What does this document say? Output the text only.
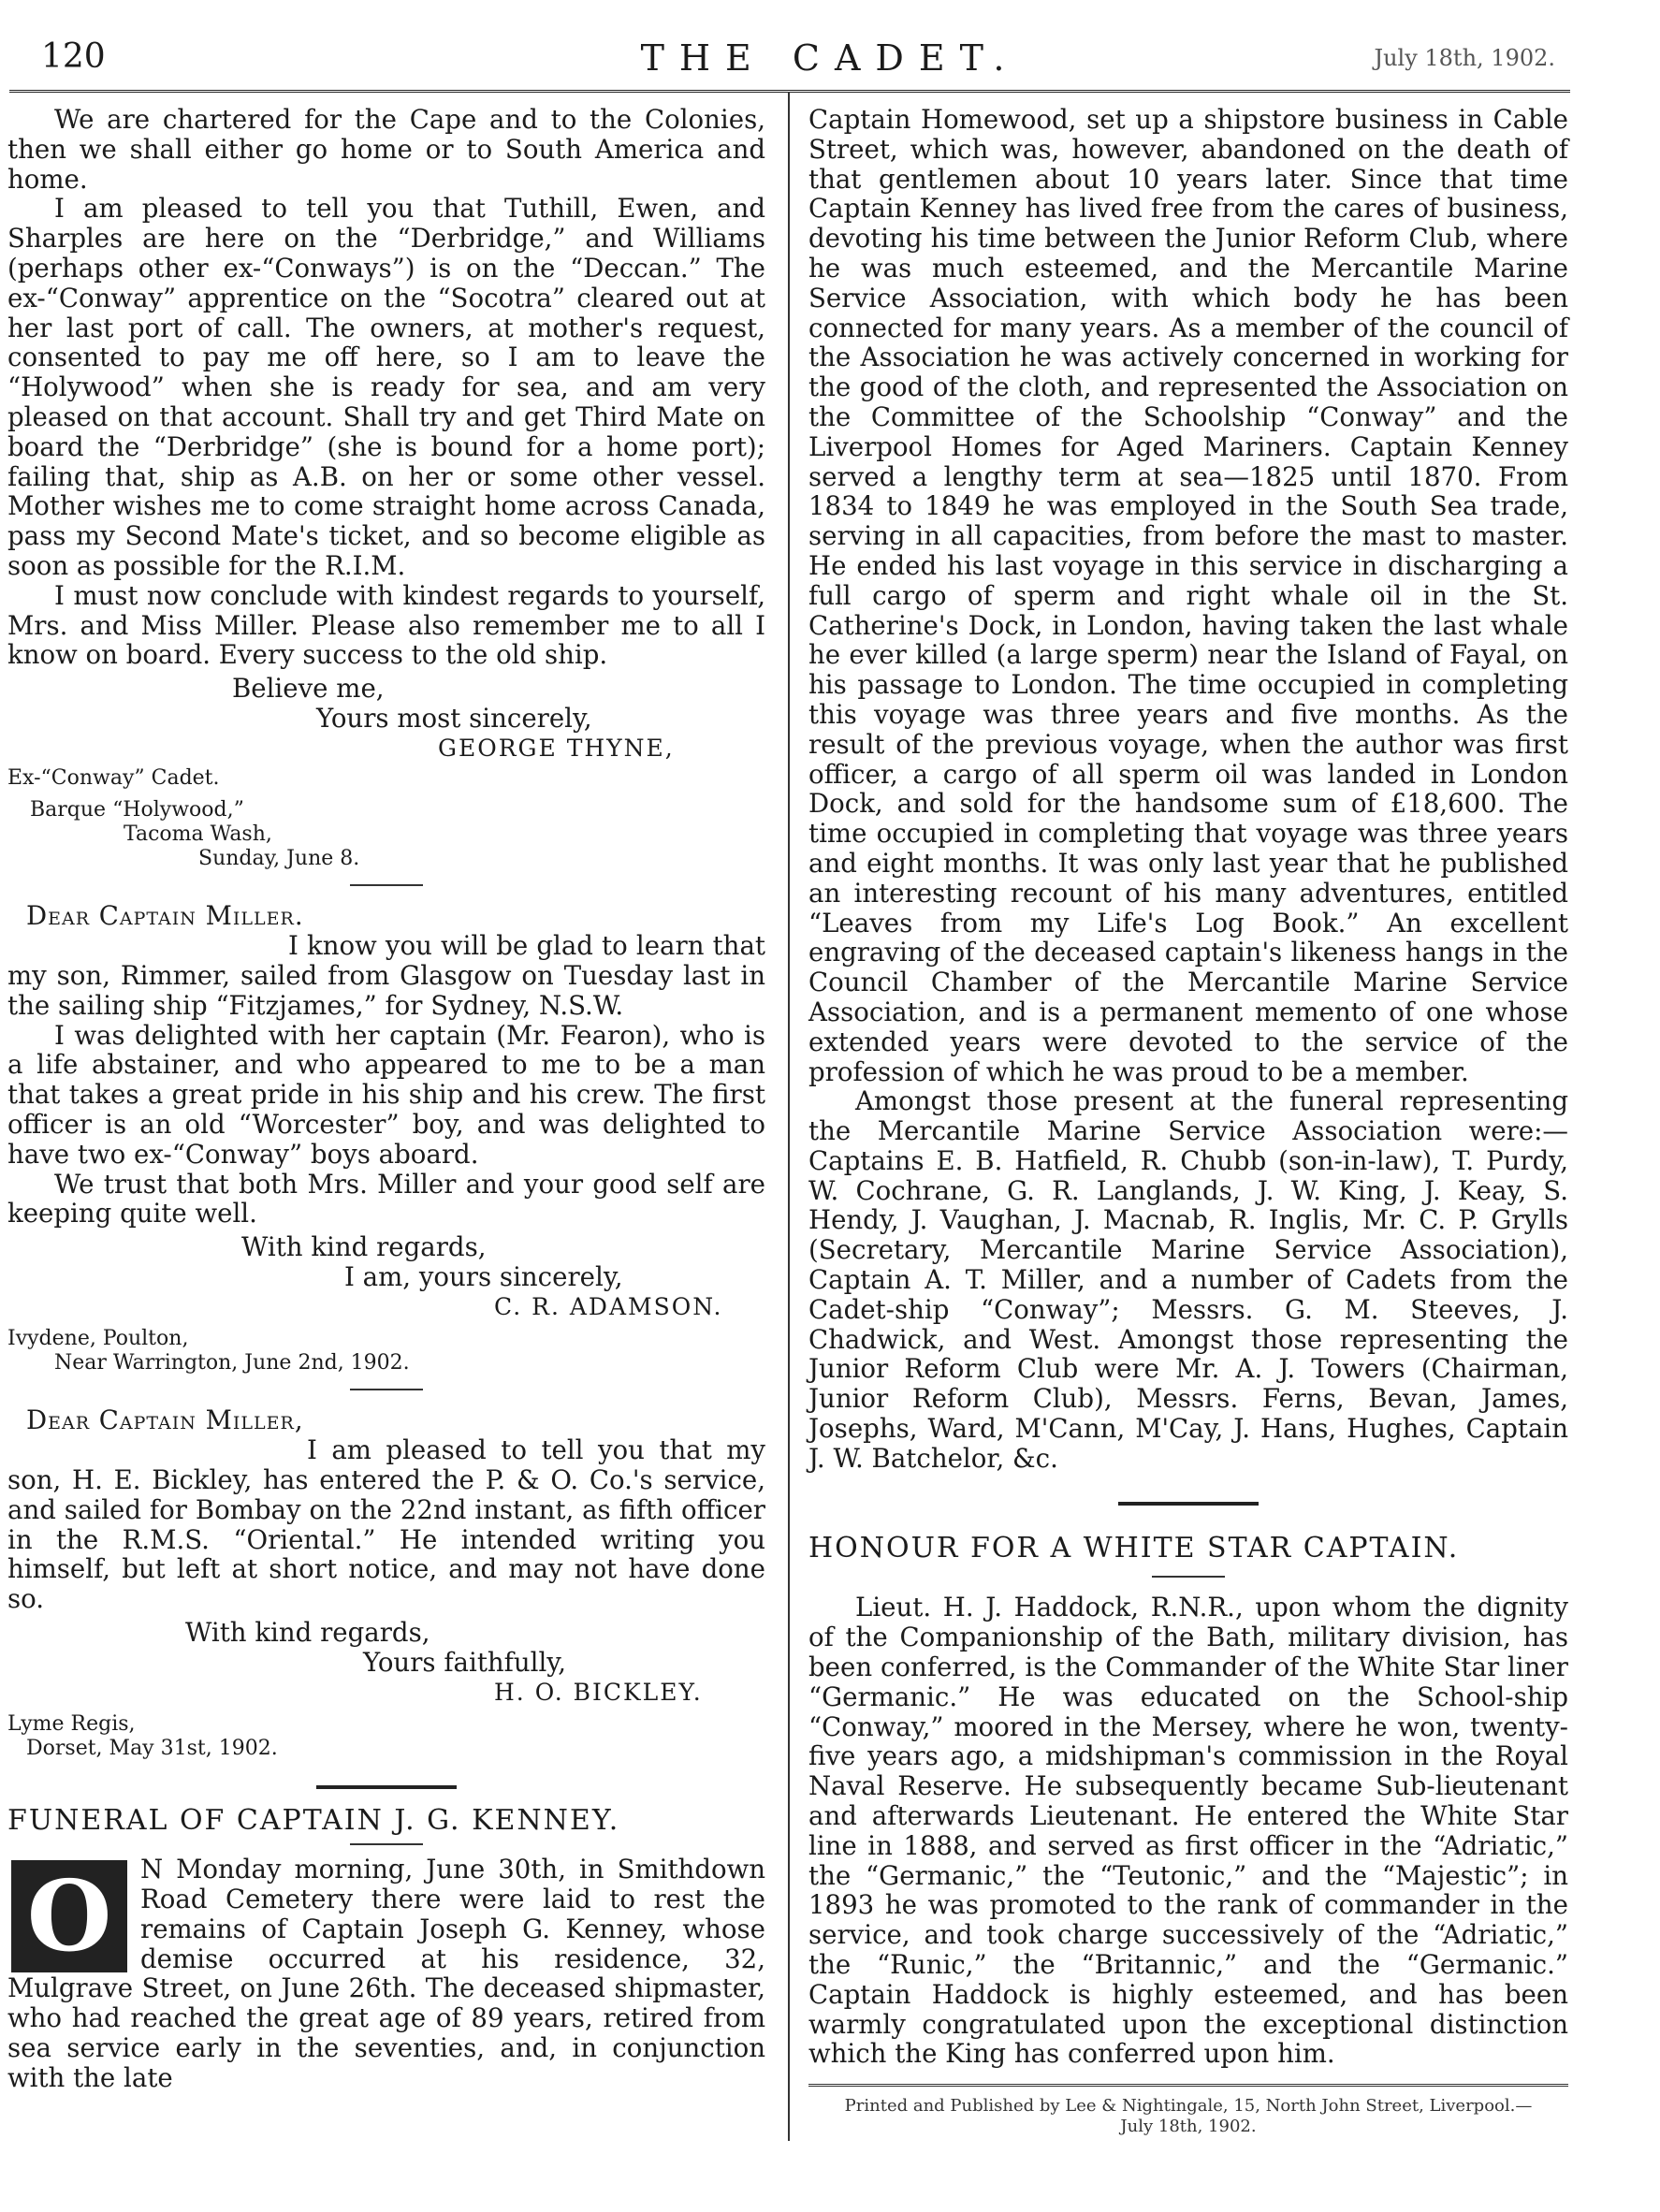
120	THE CADET.	July 18th, 1902.

We are chartered for the Cape and to the Colonies, then we shall either go home or to South America and home.

I am pleased to tell you that Tuthill, Ewen, and Sharples are here on the “Derbridge,” and Williams (perhaps other ex-“Conways”) is on the “Deccan.” The ex-“Conway” apprentice on the “Socotra” cleared out at her last port of call. The owners, at mother's request, consented to pay me off here, so I am to leave the “Holywood” when she is ready for sea, and am very pleased on that account. Shall try and get Third Mate on board the “Derbridge” (she is bound for a home port); failing that, ship as A.B. on her or some other vessel. Mother wishes me to come straight home across Canada, pass my Second Mate's ticket, and so become eligible as soon as possible for the R.I.M.

I must now conclude with kindest regards to yourself, Mrs. and Miss Miller. Please also remember me to all I know on board. Every success to the old ship.

Believe me,

Yours most sincerely,

GEORGE THYNE,

Ex-“Conway” Cadet.

Barque “Holywood,”

Tacoma Wash,

Sunday, June 8.

Dear Captain Miller.

I know you will be glad to learn that my son, Rimmer, sailed from Glasgow on Tuesday last in the sailing ship “Fitzjames,” for Sydney, N.S.W.

I was delighted with her captain (Mr. Fearon), who is a life abstainer, and who appeared to me to be a man that takes a great pride in his ship and his crew. The first officer is an old “Worcester” boy, and was delighted to have two ex-“Conway” boys aboard.

We trust that both Mrs. Miller and your good self are keeping quite well.

With kind regards,

I am, yours sincerely,

C. R. ADAMSON.

Ivydene, Poulton,

Near Warrington, June 2nd, 1902.

Dear Captain Miller,

I am pleased to tell you that my son, H. E. Bickley, has entered the P. & O. Co.'s service, and sailed for Bombay on the 22nd instant, as fifth officer in the R.M.S. “Oriental.” He intended writing you himself, but left at short notice, and may not have done so.

With kind regards,

Yours faithfully,

H. O. BICKLEY.

Lyme Regis,

Dorset, May 31st, 1902.

FUNERAL OF CAPTAIN J. G. KENNEY.

O	N Monday morning, June 30th, in Smithdown Road Cemetery there were laid to rest the remains of Captain Joseph G. Kenney, whose demise occurred at his residence, 32, Mulgrave Street, on June 26th. The deceased shipmaster, who had reached the great age of 89 years, retired from sea service early in the seventies, and, in conjunction with the late

Captain Homewood, set up a shipstore business in Cable Street, which was, however, abandoned on the death of that gentlemen about 10 years later. Since that time Captain Kenney has lived free from the cares of business, devoting his time between the Junior Reform Club, where he was much esteemed, and the Mercantile Marine Service Association, with which body he has been connected for many years. As a member of the council of the Association he was actively concerned in working for the good of the cloth, and represented the Association on the Committee of the Schoolship “Conway” and the Liverpool Homes for Aged Mariners. Captain Kenney served a lengthy term at sea—1825 until 1870. From 1834 to 1849 he was employed in the South Sea trade, serving in all capacities, from before the mast to master. He ended his last voyage in this service in discharging a full cargo of sperm and right whale oil in the St. Catherine's Dock, in London, having taken the last whale he ever killed (a large sperm) near the Island of Fayal, on his passage to London. The time occupied in completing this voyage was three years and five months. As the result of the previous voyage, when the author was first officer, a cargo of all sperm oil was landed in London Dock, and sold for the handsome sum of £18,600. The time occupied in completing that voyage was three years and eight months. It was only last year that he published an interesting recount of his many adventures, entitled “Leaves from my Life's Log Book.” An excellent engraving of the deceased captain's likeness hangs in the Council Chamber of the Mercantile Marine Service Association, and is a permanent memento of one whose extended years were devoted to the service of the profession of which he was proud to be a member.

Amongst those present at the funeral representing the Mercantile Marine Service Association were:—Captains E. B. Hatfield, R. Chubb (son-in-law), T. Purdy, W. Cochrane, G. R. Langlands, J. W. King, J. Keay, S. Hendy, J. Vaughan, J. Macnab, R. Inglis, Mr. C. P. Grylls (Secretary, Mercantile Marine Service Association), Captain A. T. Miller, and a number of Cadets from the Cadet-ship “Conway”; Messrs. G. M. Steeves, J. Chadwick, and West. Amongst those representing the Junior Reform Club were Mr. A. J. Towers (Chairman, Junior Reform Club), Messrs. Ferns, Bevan, James, Josephs, Ward, M'Cann, M'Cay, J. Hans, Hughes, Captain J. W. Batchelor, &c.

HONOUR FOR A WHITE STAR CAPTAIN.

Lieut. H. J. Haddock, R.N.R., upon whom the dignity of the Companionship of the Bath, military division, has been conferred, is the Commander of the White Star liner “Germanic.” He was educated on the School-ship “Conway,” moored in the Mersey, where he won, twenty-five years ago, a midshipman's commission in the Royal Naval Reserve. He subsequently became Sub-lieutenant and afterwards Lieutenant. He entered the White Star line in 1888, and served as first officer in the “Adriatic,” the “Germanic,” the “Teutonic,” and the “Majestic”; in 1893 he was promoted to the rank of commander in the service, and took charge successively of the “Adriatic,” the “Runic,” the “Britannic,” and the “Germanic.” Captain Haddock is highly esteemed, and has been warmly congratulated upon the exceptional distinction which the King has conferred upon him.

Printed and Published by Lee & Nightingale, 15, North John Street, Liverpool.—
July 18th, 1902.
